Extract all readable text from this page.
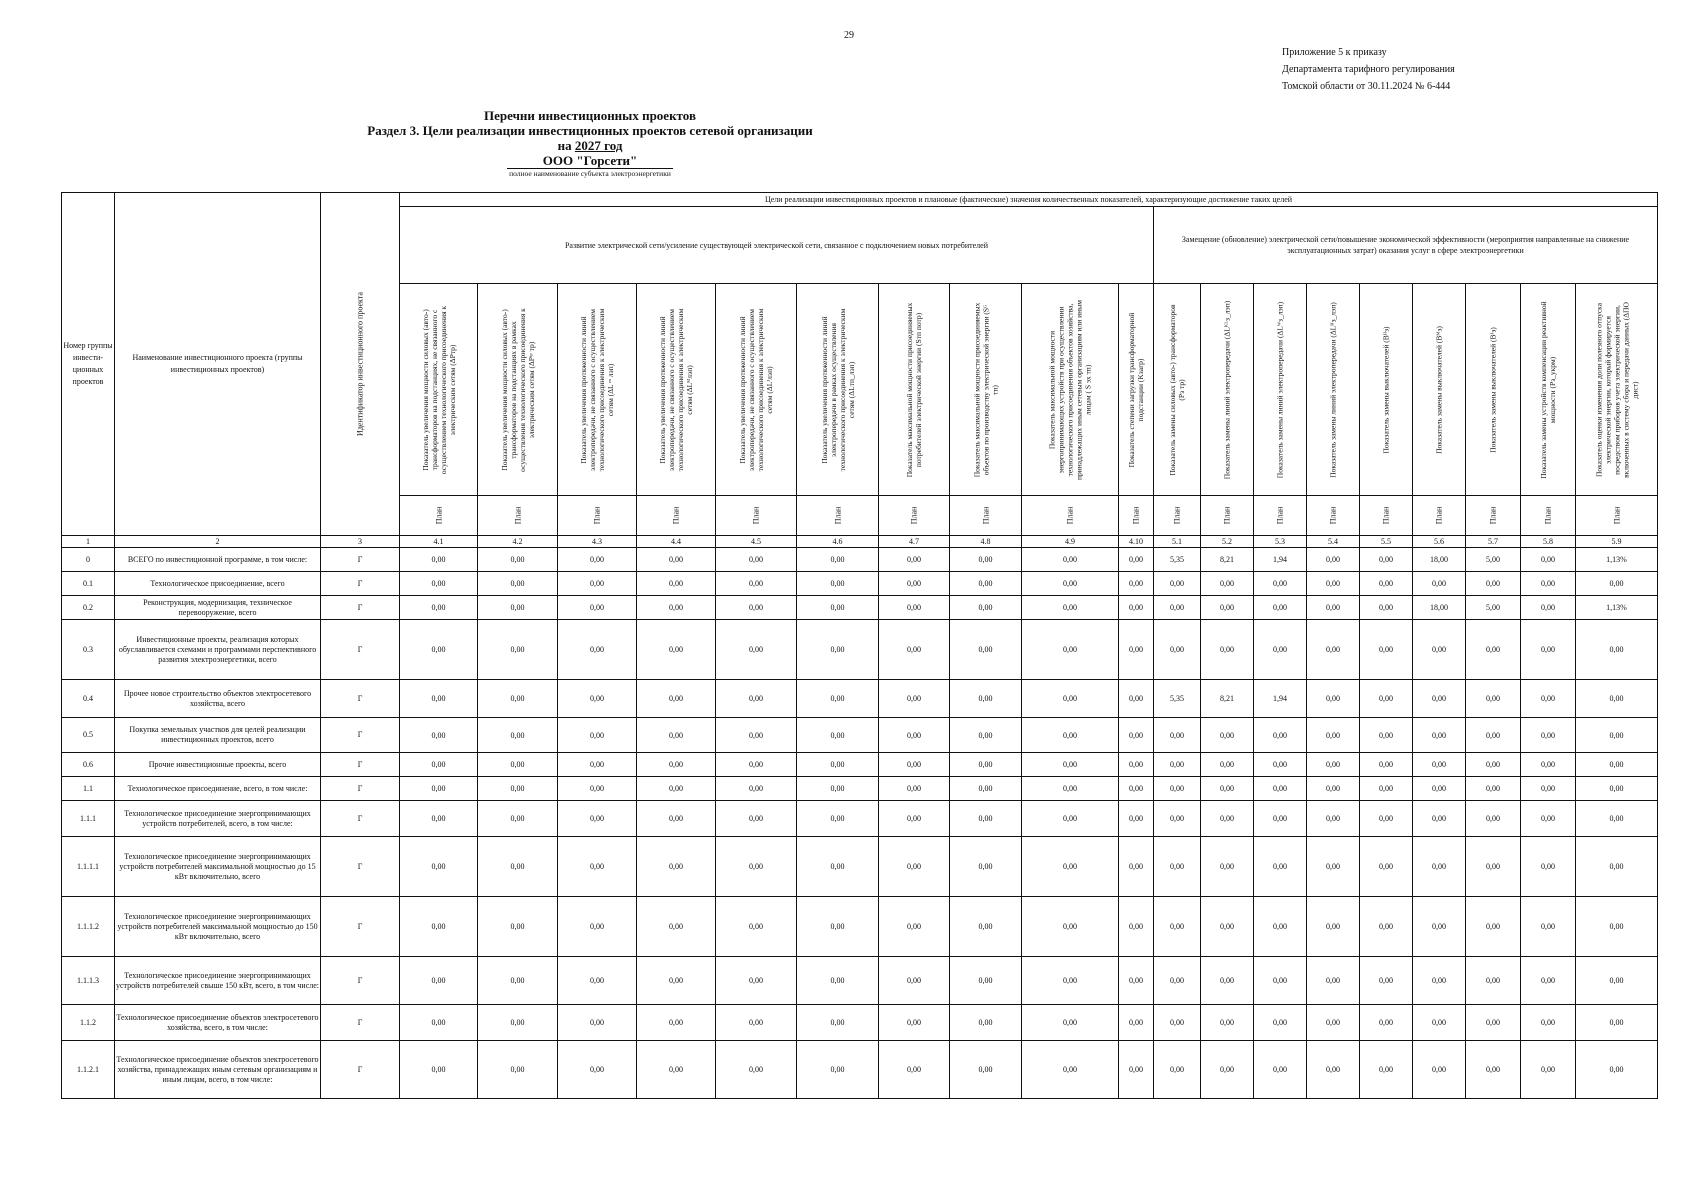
29
Приложение 5 к приказу
Департамента тарифного регулирования
Томской области от 30.11.2024 № 6-444
Перечни инвестиционных проектов
Раздел 3. Цели реализации инвестиционных проектов сетевой организации
на 2027 год
ООО "Горсети"
полное наименование субъекта электроэнергетики
Номер группы инвести-ционных проектов	Наименование инвестиционного проекта (группы инвестиционных проектов)	Идентификатор инвестиционного проекта	Цели реализации инвестиционных проектов и плановые (фактические) значения количественных показателей, характеризующие достижение таких целей																		
			Развитие электрической сети/усиление существующей электрической сети, связанное с подключением новых потребителей										Замещение (обновление) электрической сети/повышение экономической эффективности (мероприятия направленные на снижение эксплуатационных затрат) оказания услуг в сфере электроэнергетики								

			Показатель увеличения мощности силовых (авто-) трансформаторов на подстанциях, не связанного с осуществлением технологического присоединения к электрическим сетям (ΔPтр)	Показатель увеличения мощности силовых (авто-) трансформаторов на подстанциях в рамках осуществления технологического присоединения к электрическим сетям (ΔPᵗᵖ тр)	Показатель увеличения протяженности линий электропередачи, не связанного с осуществлением технологического присоединения к электрическим сетям (ΔL ᵐ лэп)	Показатель увеличения протяженности линий электропередачи, не связанного с осуществлением технологического присоединения к электрическим сетям (ΔLᴹлэп)	Показатель увеличения протяженности линий электропередачи, не связанного с осуществлением технологического присоединения к электрическим сетям (ΔLᴶлэп)	Показатель увеличения протяженности линий электропередачи в рамках осуществления технологического присоединения к электрическим сетям (ΔLтп_лэп)	Показатель максимальной мощности присоединяемых потребителей электрической энергии (Sтп потр)	Показатель максимальной мощности присоединяемых объектов по производству электрической энергии (Sᴳ тп)	Показатель максимальной мощности энергопринимающих устройств при осуществлении технологического присоединения объектов хозяйства, принадлежащих иным сетевым организациям или иным лицам ( S эх тп)	Показатель степени загрузки трансформаторной подстанции (Kзагр)	Показатель замены силовых (авто-) трансформаторов (Pз тр)	Показатель замены линий электропередачи (ΔLᴷᴸз_лэп)	Показатель замены линий электропередачи (ΔLᵂз_лэп)	Показатель замены линий электропередачи (ΔLᴴз_лэп)	Показатель замены выключателей (Bᴴз)	Показатель замены выключателей (Bᴹз)	Показатель замены выключателей (Bᴶз)	Показатель замены устройств компенсации реактивной мощности (Pз_укрм)	Показатель оценки изменения доли полезного отпуска электрической энергии, который формируется посредством приборов учета электрической энергии, включенных в систему сбора и передачи данных (ΔПО дист)

			План	План	План	План	План	План	План	План	План	План	План	План	План	План	План	План	План	План	План
1	2	3	4.1	4.2	4.3	4.4	4.5	4.6	4.7	4.8	4.9	4.10	5.1	5.2	5.3	5.4	5.5	5.6	5.7	5.8	5.9
0	ВСЕГО по инвестиционной программе, в том числе:	Г	0,00	0,00	0,00	0,00	0,00	0,00	0,00	0,00	0,00	0,00	5,35	8,21	1,94	0,00	0,00	18,00	5,00	0,00	1,13%
0.1	Технологическое присоединение, всего	Г	0,00	0,00	0,00	0,00	0,00	0,00	0,00	0,00	0,00	0,00	0,00	0,00	0,00	0,00	0,00	0,00	0,00	0,00	0,00
0.2	Реконструкция, модернизация, техническое перевооружение, всего	Г	0,00	0,00	0,00	0,00	0,00	0,00	0,00	0,00	0,00	0,00	0,00	0,00	0,00	0,00	0,00	18,00	5,00	0,00	1,13%
0.3	Инвестиционные проекты, реализация которых обуславливается схемами и программами перспективного развития электроэнергетики, всего	Г	0,00	0,00	0,00	0,00	0,00	0,00	0,00	0,00	0,00	0,00	0,00	0,00	0,00	0,00	0,00	0,00	0,00	0,00	0,00
0.4	Прочее новое строительство объектов электросетевого хозяйства, всего	Г	0,00	0,00	0,00	0,00	0,00	0,00	0,00	0,00	0,00	0,00	5,35	8,21	1,94	0,00	0,00	0,00	0,00	0,00	0,00
0.5	Покупка земельных участков для целей реализации инвестиционных проектов, всего	Г	0,00	0,00	0,00	0,00	0,00	0,00	0,00	0,00	0,00	0,00	0,00	0,00	0,00	0,00	0,00	0,00	0,00	0,00	0,00
0.6	Прочие инвестиционные проекты, всего	Г	0,00	0,00	0,00	0,00	0,00	0,00	0,00	0,00	0,00	0,00	0,00	0,00	0,00	0,00	0,00	0,00	0,00	0,00	0,00
1.1	Технологическое присоединение, всего, в том числе:	Г	0,00	0,00	0,00	0,00	0,00	0,00	0,00	0,00	0,00	0,00	0,00	0,00	0,00	0,00	0,00	0,00	0,00	0,00	0,00
1.1.1	Технологическое присоединение энергопринимающих устройств потребителей, всего, в том числе:	Г	0,00	0,00	0,00	0,00	0,00	0,00	0,00	0,00	0,00	0,00	0,00	0,00	0,00	0,00	0,00	0,00	0,00	0,00	0,00
1.1.1.1	Технологическое присоединение энергопринимающих устройств потребителей максимальной мощностью до 15 кВт включительно, всего	Г	0,00	0,00	0,00	0,00	0,00	0,00	0,00	0,00	0,00	0,00	0,00	0,00	0,00	0,00	0,00	0,00	0,00	0,00	0,00
1.1.1.2	Технологическое присоединение энергопринимающих устройств потребителей максимальной мощностью до 150 кВт включительно, всего	Г	0,00	0,00	0,00	0,00	0,00	0,00	0,00	0,00	0,00	0,00	0,00	0,00	0,00	0,00	0,00	0,00	0,00	0,00	0,00
1.1.1.3	Технологическое присоединение энергопринимающих устройств потребителей свыше 150 кВт, всего, в том числе:	Г	0,00	0,00	0,00	0,00	0,00	0,00	0,00	0,00	0,00	0,00	0,00	0,00	0,00	0,00	0,00	0,00	0,00	0,00	0,00
1.1.2	Технологическое присоединение объектов электросетевого хозяйства, всего, в том числе:	Г	0,00	0,00	0,00	0,00	0,00	0,00	0,00	0,00	0,00	0,00	0,00	0,00	0,00	0,00	0,00	0,00	0,00	0,00	0,00
1.1.2.1	Технологическое присоединение объектов электросетевого хозяйства, принадлежащих иным сетевым организациям и иным лицам, всего, в том числе:	Г	0,00	0,00	0,00	0,00	0,00	0,00	0,00	0,00	0,00	0,00	0,00	0,00	0,00	0,00	0,00	0,00	0,00	0,00	0,00
